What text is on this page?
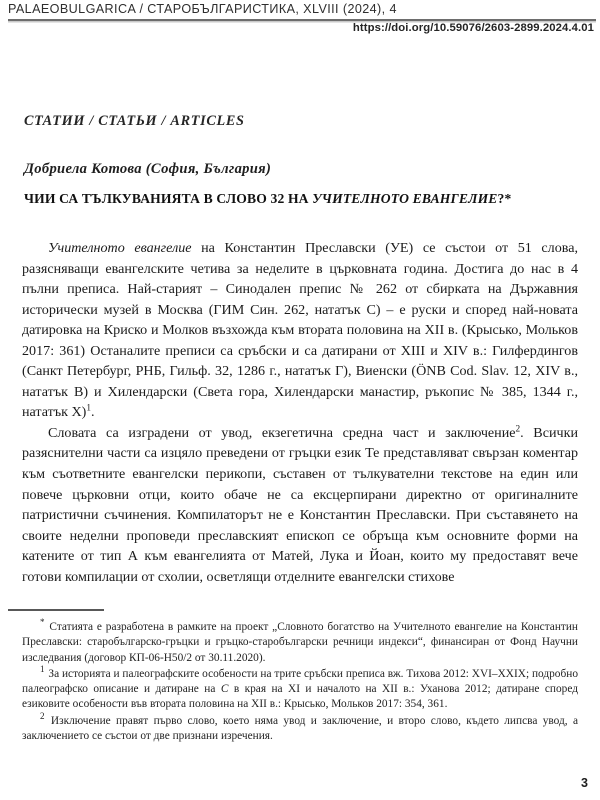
PALAEOBULGARICA / СТАРОБЪЛГАРИСТИКА, XLVIII (2024), 4
https://doi.org/10.59076/2603-2899.2024.4.01
СТАТИИ / СТАТЬИ / ARTICLES
Добриела Котова (София, България)
ЧИИ СА ТЪЛКУВАНИЯТА В СЛОВО 32 НА УЧИТЕЛНОТО ЕВАНГЕЛИЕ?*

Учителното евангелие на Константин Преславски (УЕ) се състои от 51 слова, разясняващи евангелските четива за неделите в църковната година. Достига до нас в 4 пълни преписа. Най-старият – Синодален препис № 262 от сбирката на Държавния исторически музей в Москва (ГИМ Син. 262, нататък С) – е руски и според най-новата датировка на Криско и Молков възхожда към втората половина на XII в. (Крысько, Мольков 2017: 361) Останалите преписи са сръбски и са датирани от XIII и XIV в.: Гилфердингов (Санкт Петербург, РНБ, Гильф. 32, 1286 г., нататък Г), Виенски (ÖNB Cod. Slav. 12, XIV в., нататък В) и Хилендарски (Света гора, Хилендарски манастир, ръкопис № 385, 1344 г., нататък Х)$^1$.

Словата са изградени от увод, екзегетична средна част и заключение$^2$. Всички разяснителни части са изцяло преведени от гръцки език Те представляват свързан коментар към съответните евангелски перикопи, съставен от тълкувателни текстове на един или повече църковни отци, които обаче не са ексцерпирани директно от оригиналните патристични съчинения. Компилаторът не е Константин Преславски. При съставянето на своите неделни проповеди преславският епископ се обръща към основните форми на катените от тип А към евангелията от Матей, Лука и Йоан, които му предоставят вече готови компилации от схолии, осветлящи отделните евангелски стихове

* Статията е разработена в рамките на проект „Словното богатство на Учителното евангелие на Константин Преславски: старобългарско-гръцки и гръцко-старобългарски речници индекси“, финансиран от Фонд Научни изследвания (договор КП-06-Н50/2 от 30.11.2020).

$^1$ За историята и палеографските особености на трите сръбски преписа вж. Тихова 2012: XVI–XXIX; подробно палеографско описание и датиране на С в края на XI и началото на XII в.: Уханова 2012; датиране според езиковите особености във втората половина на XII в.: Крысько, Мольков 2017: 354, 361.

$^2$ Изключение правят първо слово, което няма увод и заключение, и второ слово, където липсва увод, а заключението се състои от две признани изречения.

3
